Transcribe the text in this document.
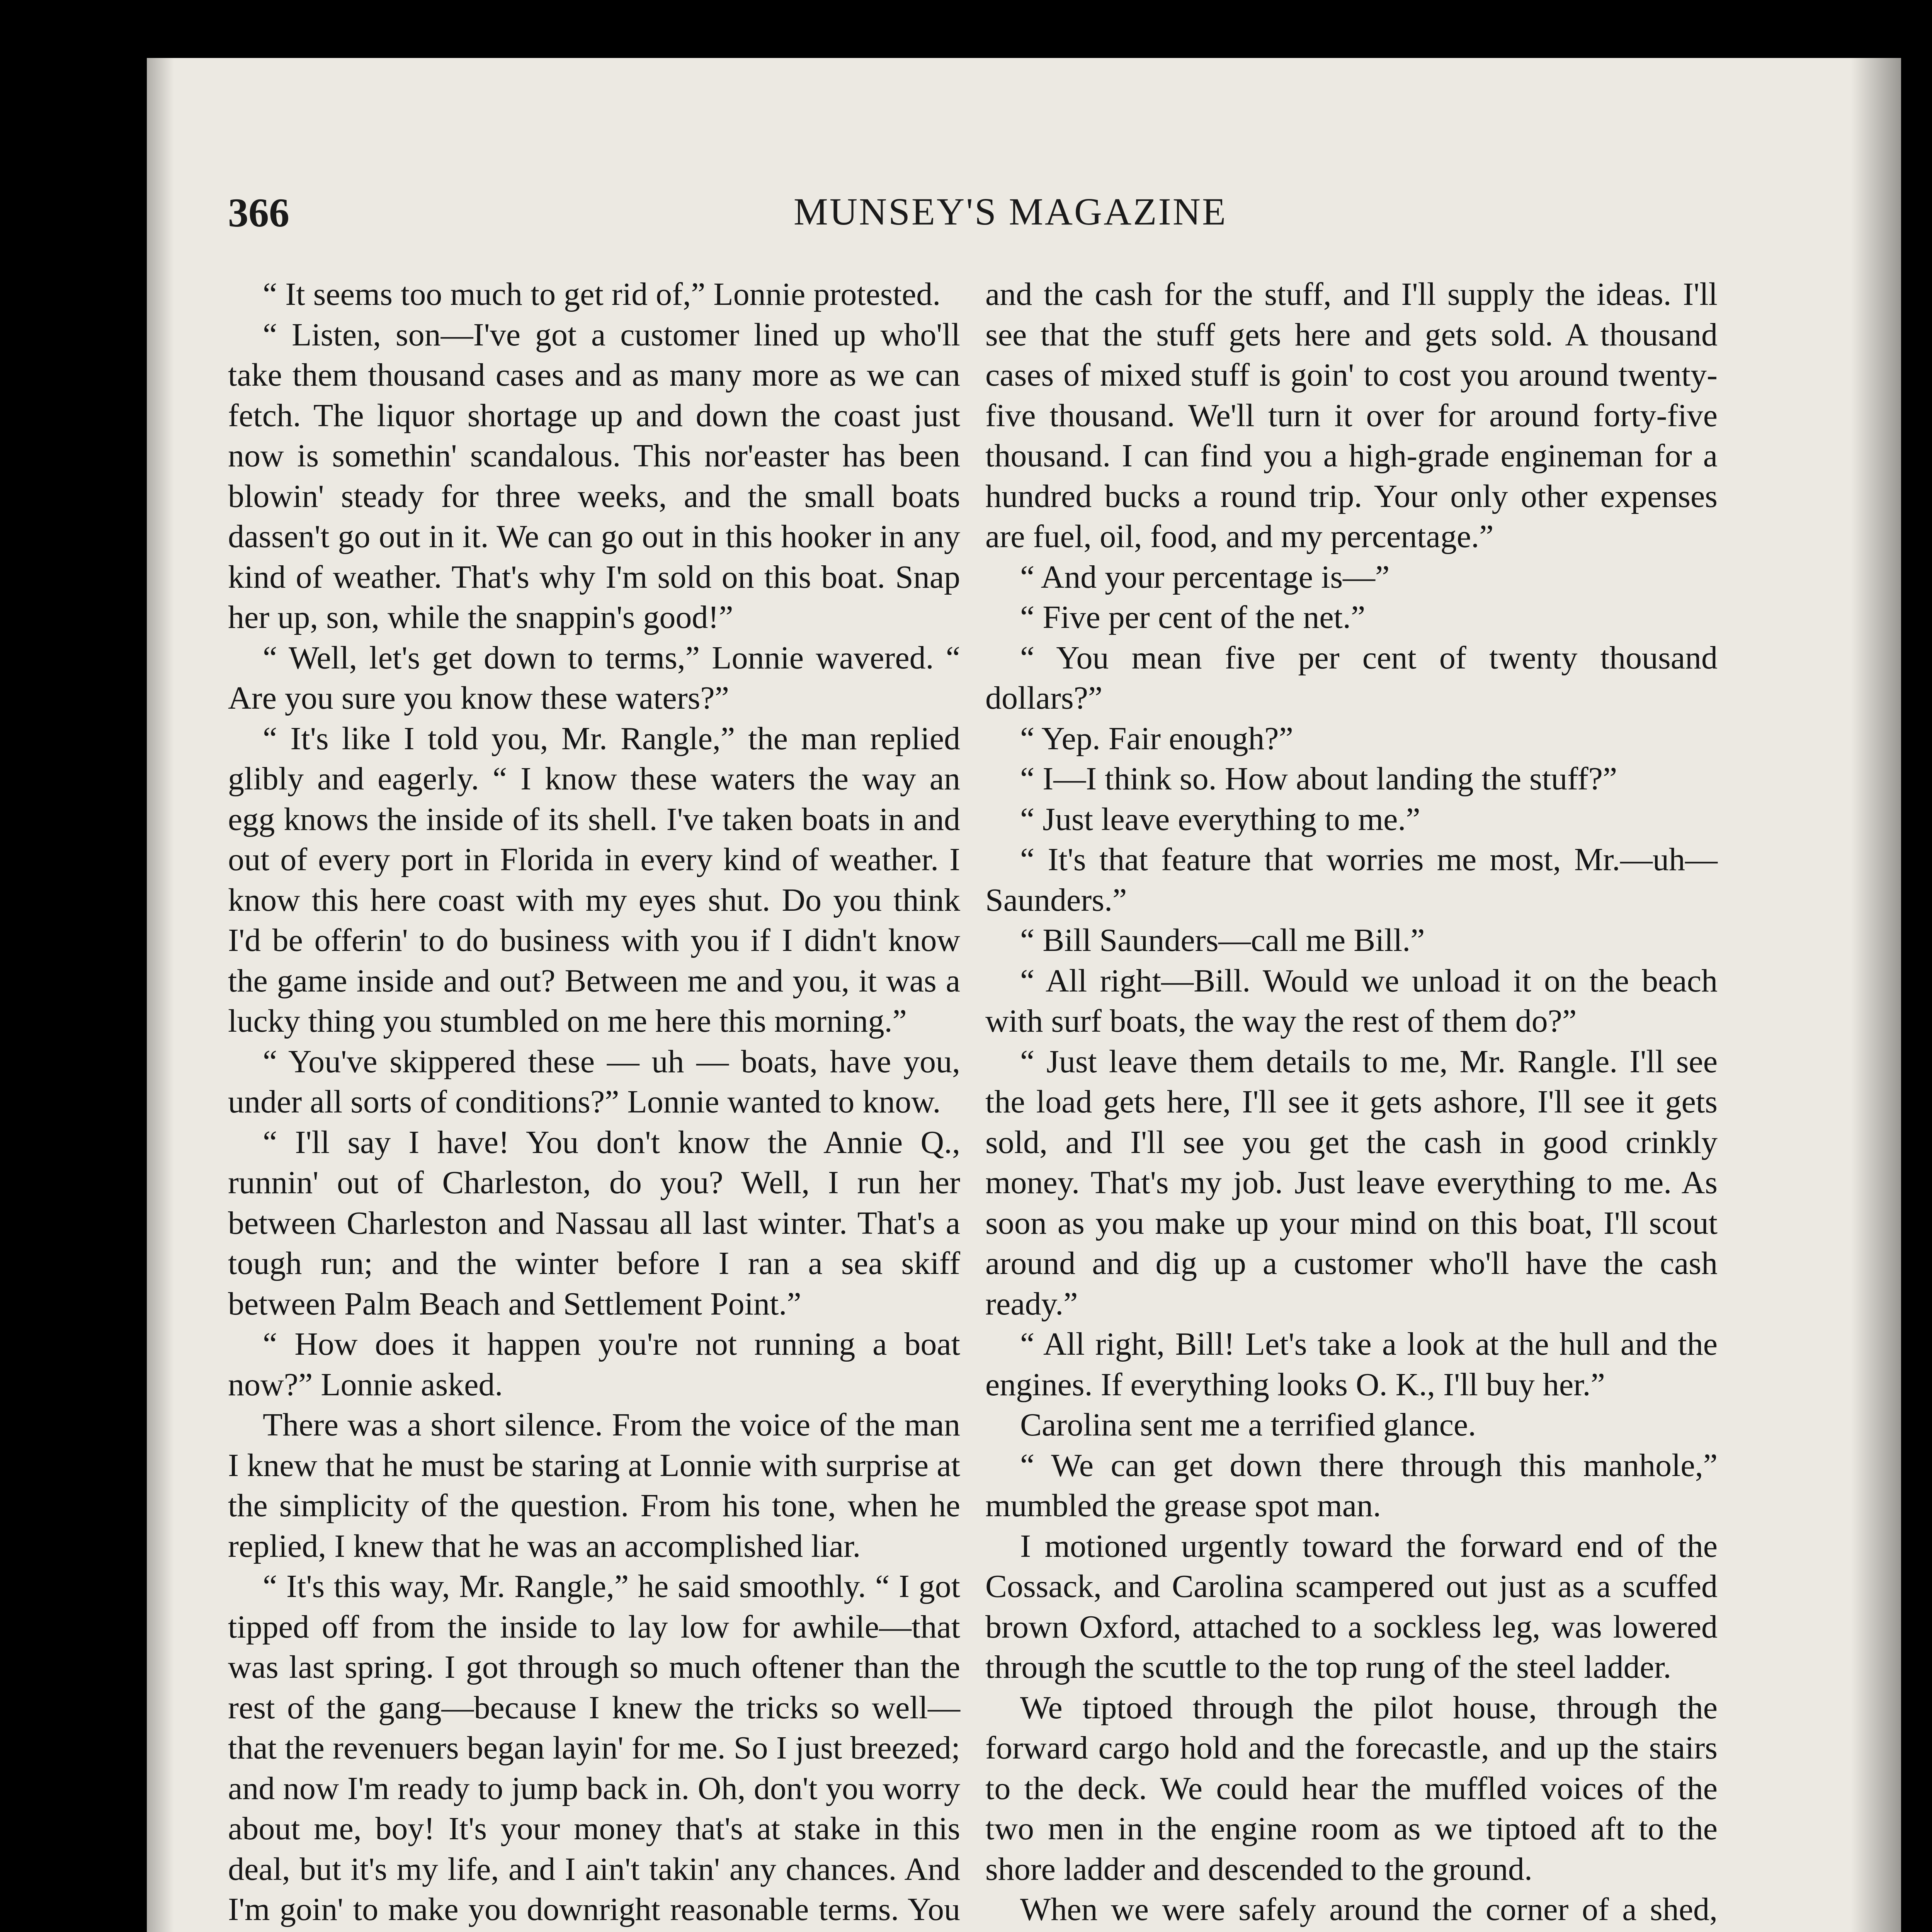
366	MUNSEY'S MAGAZINE

“ It seems too much to get rid of,” Lonnie protested.

“ Listen, son—I've got a customer lined up who'll take them thousand cases and as many more as we can fetch. The liquor shortage up and down the coast just now is somethin' scandalous. This nor'easter has been blowin' steady for three weeks, and the small boats dassen't go out in it. We can go out in this hooker in any kind of weather. That's why I'm sold on this boat. Snap her up, son, while the snappin's good!”

“ Well, let's get down to terms,” Lonnie wavered. “ Are you sure you know these waters?”

“ It's like I told you, Mr. Rangle,” the man replied glibly and eagerly. “ I know these waters the way an egg knows the inside of its shell. I've taken boats in and out of every port in Florida in every kind of weather. I know this here coast with my eyes shut. Do you think I'd be offerin' to do business with you if I didn't know the game inside and out? Between me and you, it was a lucky thing you stumbled on me here this morning.”

“ You've skippered these — uh — boats, have you, under all sorts of conditions?” Lonnie wanted to know.

“ I'll say I have! You don't know the Annie Q., runnin' out of Charleston, do you? Well, I run her between Charleston and Nassau all last winter. That's a tough run; and the winter before I ran a sea skiff between Palm Beach and Settlement Point.”

“ How does it happen you're not running a boat now?” Lonnie asked.

There was a short silence. From the voice of the man I knew that he must be staring at Lonnie with surprise at the simplicity of the question. From his tone, when he replied, I knew that he was an accomplished liar.

“ It's this way, Mr. Rangle,” he said smoothly. “ I got tipped off from the inside to lay low for awhile—that was last spring. I got through so much oftener than the rest of the gang—because I knew the tricks so well—that the revenuers began layin' for me. So I just breezed; and now I'm ready to jump back in. Oh, don't you worry about me, boy! It's your money that's at stake in this deal, but it's my life, and I ain't takin' any chances. And I'm goin' to make you downright reasonable terms. You

and the cash for the stuff, and I'll supply the ideas. I'll see that the stuff gets here and gets sold. A thousand cases of mixed stuff is goin' to cost you around twenty-five thousand. We'll turn it over for around forty-five thousand. I can find you a high-grade engineman for a hundred bucks a round trip. Your only other expenses are fuel, oil, food, and my percentage.”

“ And your percentage is—”

“ Five per cent of the net.”

“ You mean five per cent of twenty thousand dollars?”

“ Yep. Fair enough?”

“ I—I think so. How about landing the stuff?”

“ Just leave everything to me.”

“ It's that feature that worries me most, Mr.—uh—Saunders.”

“ Bill Saunders—call me Bill.”

“ All right—Bill. Would we unload it on the beach with surf boats, the way the rest of them do?”

“ Just leave them details to me, Mr. Rangle. I'll see the load gets here, I'll see it gets ashore, I'll see it gets sold, and I'll see you get the cash in good crinkly money. That's my job. Just leave everything to me. As soon as you make up your mind on this boat, I'll scout around and dig up a customer who'll have the cash ready.”

“ All right, Bill! Let's take a look at the hull and the engines. If everything looks O. K., I'll buy her.”

Carolina sent me a terrified glance.

“ We can get down there through this manhole,” mumbled the grease spot man.

I motioned urgently toward the forward end of the Cossack, and Carolina scampered out just as a scuffed brown Oxford, attached to a sockless leg, was lowered through the scuttle to the top rung of the steel ladder.

We tiptoed through the pilot house, through the forward cargo hold and the forecastle, and up the stairs to the deck. We could hear the muffled voices of the two men in the engine room as we tiptoed aft to the shore ladder and descended to the ground.

When we were safely around the corner of a shed,
